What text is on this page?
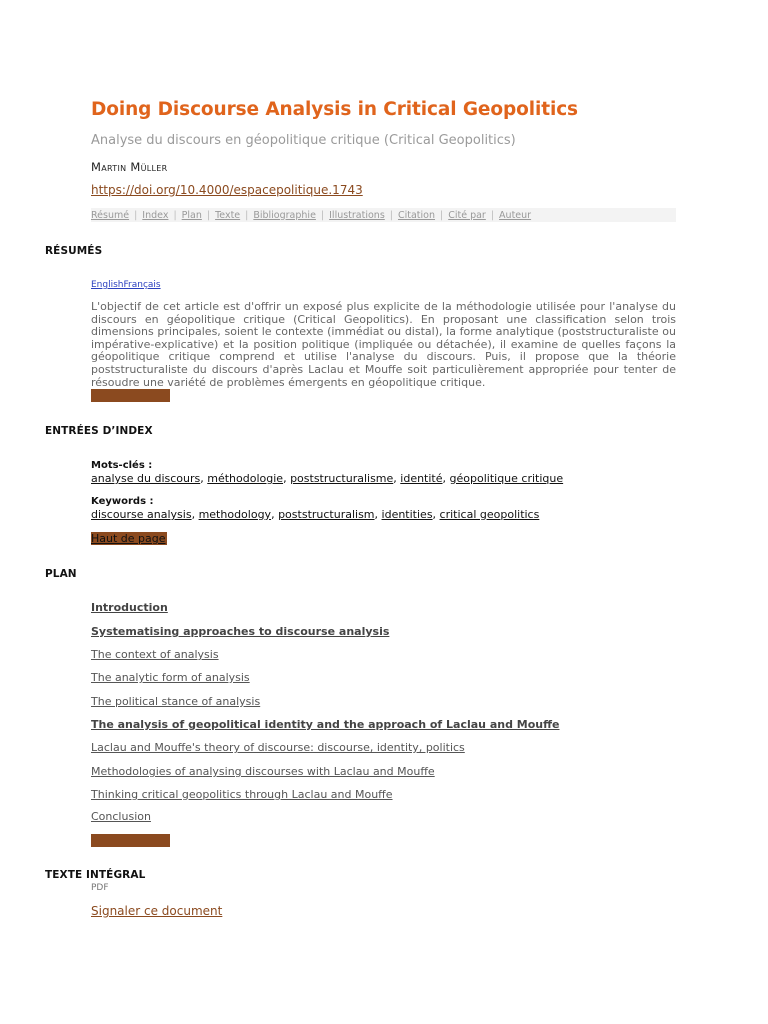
Doing Discourse Analysis in Critical Geopolitics
Analyse du discours en géopolitique critique (Critical Geopolitics)
Martin Müller
https://doi.org/10.4000/espacepolitique.1743
Résumé | Index | Plan | Texte | Bibliographie | Illustrations | Citation | Cité par | Auteur
RÉSUMÉS
EnglishFrançais

L'objectif de cet article est d'offrir un exposé plus explicite de la méthodologie utilisée pour l'analyse du discours en géopolitique critique (Critical Geopolitics). En proposant une classification selon trois dimensions principales, soient le contexte (immédiat ou distal), la forme analytique (poststructuraliste ou impérative-explicative) et la position politique (impliquée ou détachée), il examine de quelles façons la géopolitique critique comprend et utilise l'analyse du discours. Puis, il propose que la théorie poststructuraliste du discours d'après Laclau et Mouffe soit particulièrement appropriée pour tenter de résoudre une variété de problèmes émergents en géopolitique critique.

ENTRÉES D’INDEX
Mots-clés :
analyse du discours, méthodologie, poststructuralisme, identité, géopolitique critique
Keywords :
discourse analysis, methodology, poststructuralism, identities, critical geopolitics
Haut de page
PLAN
Introduction
Systematising approaches to discourse analysis
The context of analysis
The analytic form of analysis
The political stance of analysis
The analysis of geopolitical identity and the approach of Laclau and Mouffe
Laclau and Mouffe's theory of discourse: discourse, identity, politics
Methodologies of analysing discourses with Laclau and Mouffe
Thinking critical geopolitics through Laclau and Mouffe
Conclusion
TEXTE INTÉGRAL
PDF
Signaler ce document
